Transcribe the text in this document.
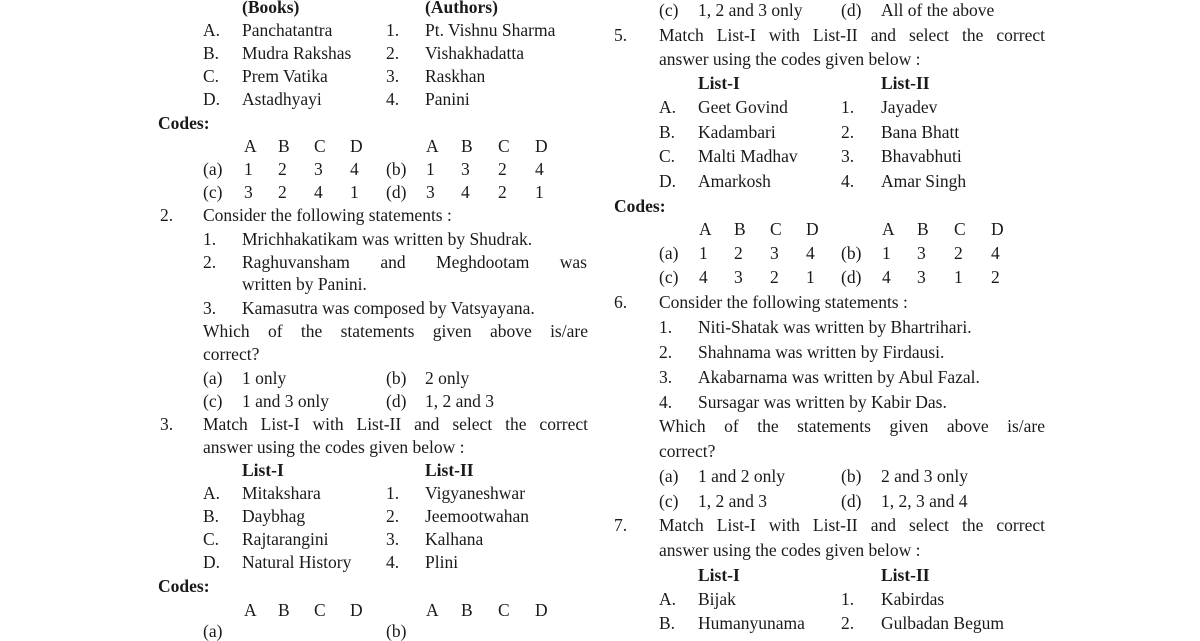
(Books)	(Authors)
A. Panchatantra	1. Pt. Vishnu Sharma
B. Mudra Rakshas 2. Vishakhadatta
C. Prem Vatika	3. Raskhan
D. Astadhyayi	4. Panini
Codes:
A B C D	A B C D
(a) 1 2 3 4 (b) 1 3 2 4
(c) 3 2 4 1 (d) 3 4 2 1
2. Consider the following statements :
1. Mrichhakatikam was written by Shudrak.
2. Raghuvansham and Meghdootam was
written by Panini.
3. Kamasutra was composed by Vatsyayana.
Which of the statements given above is/are
correct?
(a) 1 only	(b) 2 only
(c) 1 and 3 only	(d) 1, 2 and 3
3. Match List-I with List-II and select the correct
answer using the codes given below :
List-I	List-II
A. Mitakshara	1. Vigyaneshwar
B. Daybhag	2. Jeemootwahan
C. Rajtarangini	3. Kalhana
D. Natural History 4. Plini
Codes:
A B C D	A B C D
(a)	(b)
(c) 1, 2 and 3 only (d) All of the above
5. Match List-I with List-II and select the correct
answer using the codes given below :
List-I	List-II
A. Geet Govind	1. Jayadev
B. Kadambari	2. Bana Bhatt
C. Malti Madhav 3. Bhavabhuti
D. Amarkosh	4. Amar Singh
Codes:
A B C D	A B C D
(a) 1 2 3 4 (b) 1 3 2 4
(c) 4 3 2 1 (d) 4 3 1 2
6. Consider the following statements :
1. Niti-Shatak was written by Bhartrihari.
2. Shahnama was written by Firdausi.
3. Akabarnama was written by Abul Fazal.
4. Sursagar was written by Kabir Das.
Which of the statements given above is/are
correct?
(a) 1 and 2 only	(b) 2 and 3 only
(c) 1, 2 and 3	(d) 1, 2, 3 and 4
7. Match List-I with List-II and select the correct
answer using the codes given below :
List-I	List-II
A. Bijak	1. Kabirdas
B. Humanyunama 2. Gulbadan Begum
